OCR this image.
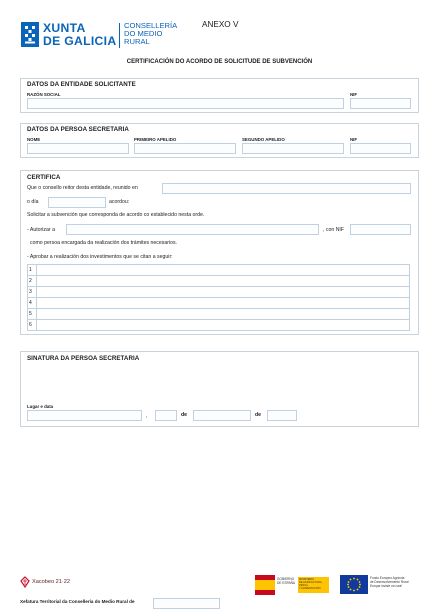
XUNTA
DE GALICIA
CONSELLERÍA
DO MEDIO
RURAL
ANEXO V
CERTIFICACIÓN DO ACORDO DE SOLICITUDE DE SUBVENCIÓN
DATOS DA ENTIDADE SOLICITANTE
RAZÓN SOCIAL	NIF
DATOS DA PERSOA SECRETARIA
NOME	PRIMEIRO APELIDO	SEGUNDO APELIDO	NIF
CERTIFICA
Que o consello reitor desta entidade, reunido en
o día	acordou:
Solicitar a subvención que corresponda de acordo co establecido nesta orde.
- Autorizar a	, con NIF
como persoa encargada da realización dos trámites necesarios.
- Aprobar a realización dos investimentos que se citan a seguir:
1
2
3
4
5
6
SINATURA DA PERSOA SECRETARIA
Lugar e data
,	de	de
Xacobeo 21·22	GOBIERNO
DE ESPAÑA
MINISTERIO
DE AGRICULTURA, PESCA
Y ALIMENTACIÓN
Fondo Europeo Agrícola
de Desenvolvemento Rural
Europa inviste no rural
Xefatura Territorial da Consellería do Medio Rural de
